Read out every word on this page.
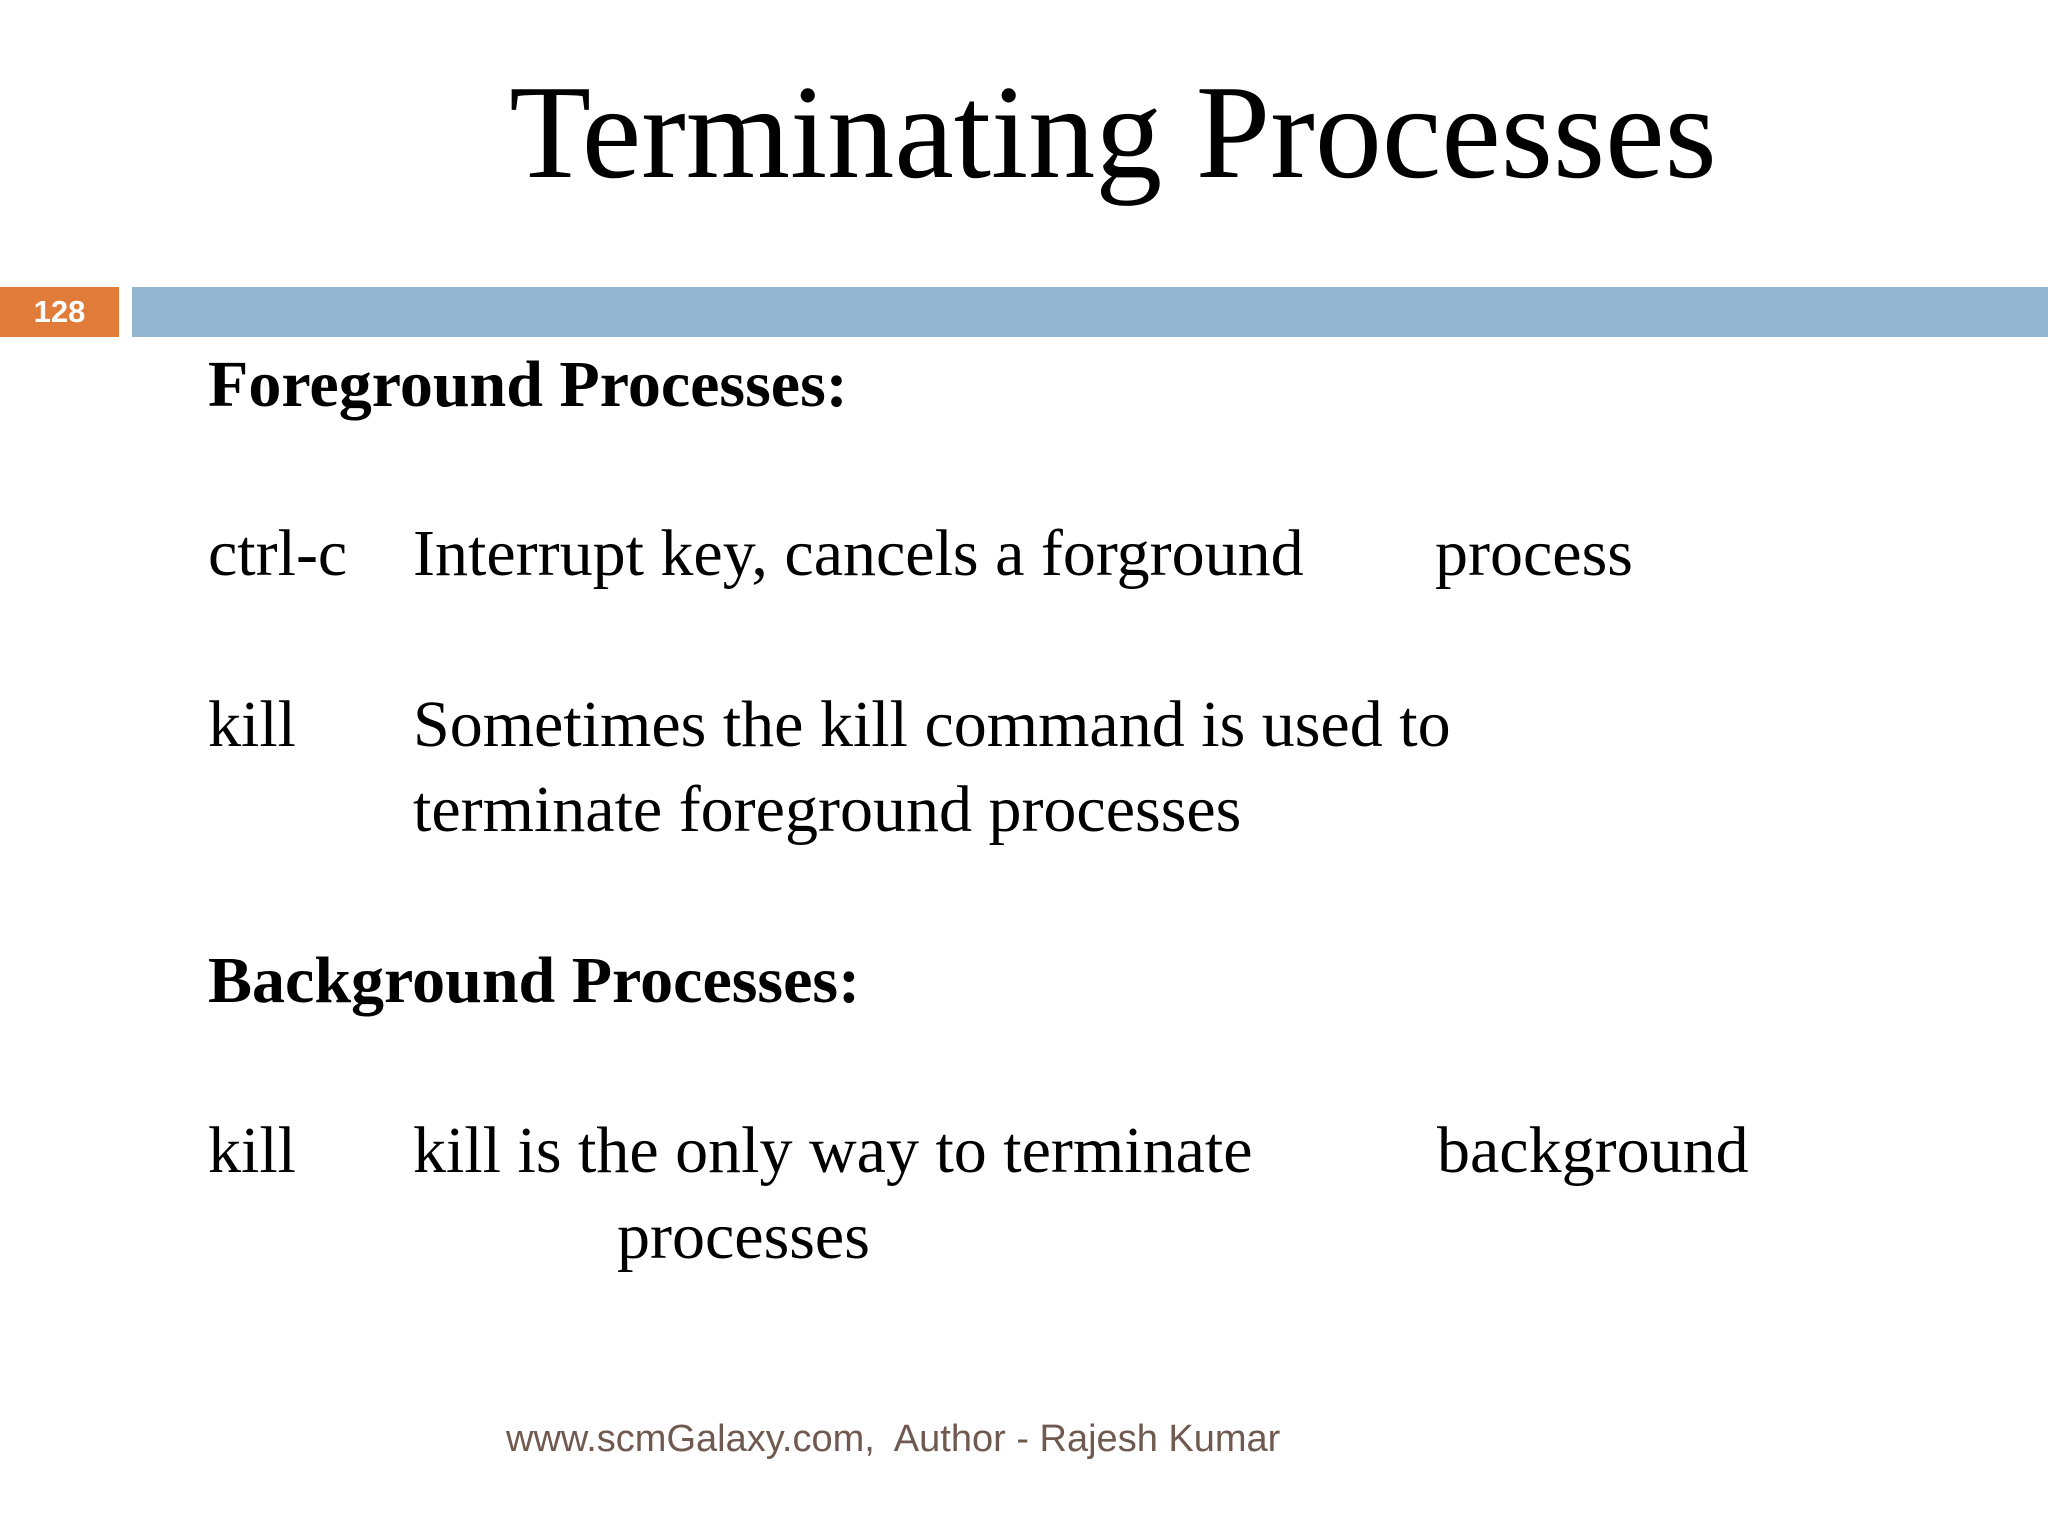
Terminating Processes
128
Foreground Processes:
ctrl-c Interrupt key, cancels a forground process
kill Sometimes the kill command is used to
terminate foreground processes
Background Processes:
kill kill is the only way to terminate	background
processes
www.scmGalaxy.com,  Author - Rajesh Kumar
